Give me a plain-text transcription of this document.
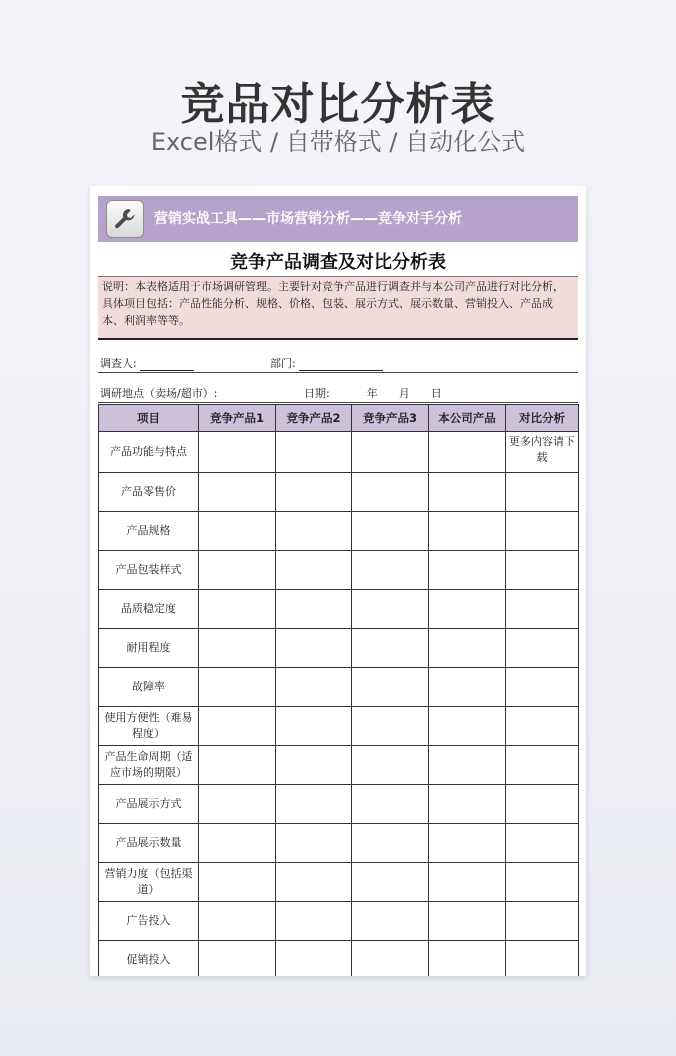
竞品对比分析表
Excel格式 / 自带格式 / 自动化公式
营销实战工具——市场营销分析——竞争对手分析
竞争产品调查及对比分析表
说明：本表格适用于市场调研管理。主要针对竞争产品进行调查并与本公司产品进行对比分析，具体项目包括：产品性能分析、规格、价格、包装、展示方式、展示数量、营销投入、产品成本、利润率等等。
调查人:	部门:
调研地点（卖场/超市）:	日期:	年 月 日
项目	竞争产品1	竞争产品2	竞争产品3	本公司产品	对比分析
产品功能与特点					更多内容请下载
产品零售价					
产品规格					
产品包装样式					
品质稳定度					
耐用程度					
故障率					
使用方便性（难易程度）					
产品生命周期（适应市场的期限）					
产品展示方式					
产品展示数量					
营销力度（包括渠道）					
广告投入					
促销投入					
